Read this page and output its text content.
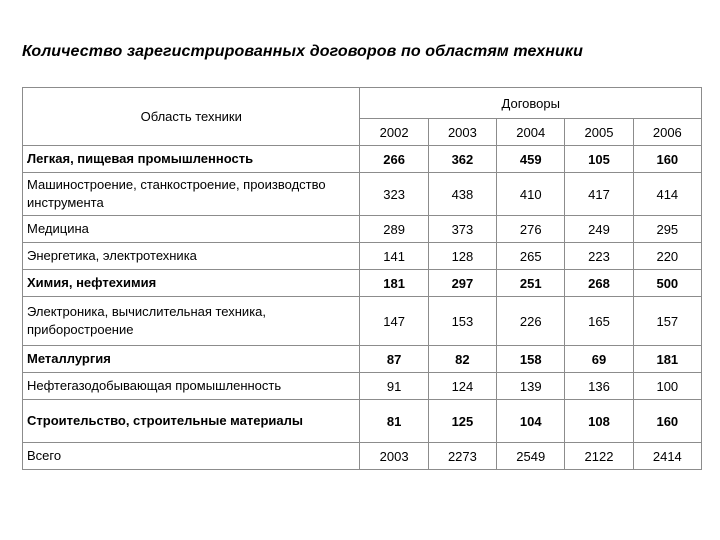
Количество зарегистрированных договоров по областям техники
Область техники	Договоры				
	2002	2003	2004	2005	2006
Легкая, пищевая промышленность	266	362	459	105	160
Машиностроение, станкостроение, производство инструмента	323	438	410	417	414
Медицина	289	373	276	249	295
Энергетика, электротехника	141	128	265	223	220
Химия, нефтехимия	181	297	251	268	500
Электроника, вычислительная техника, приборостроение	147	153	226	165	157
Металлургия	87	82	158	69	181
Нефтегазодобывающая промышленность	91	124	139	136	100
Строительство, строительные материалы	81	125	104	108	160
Всего	2003	2273	2549	2122	2414
